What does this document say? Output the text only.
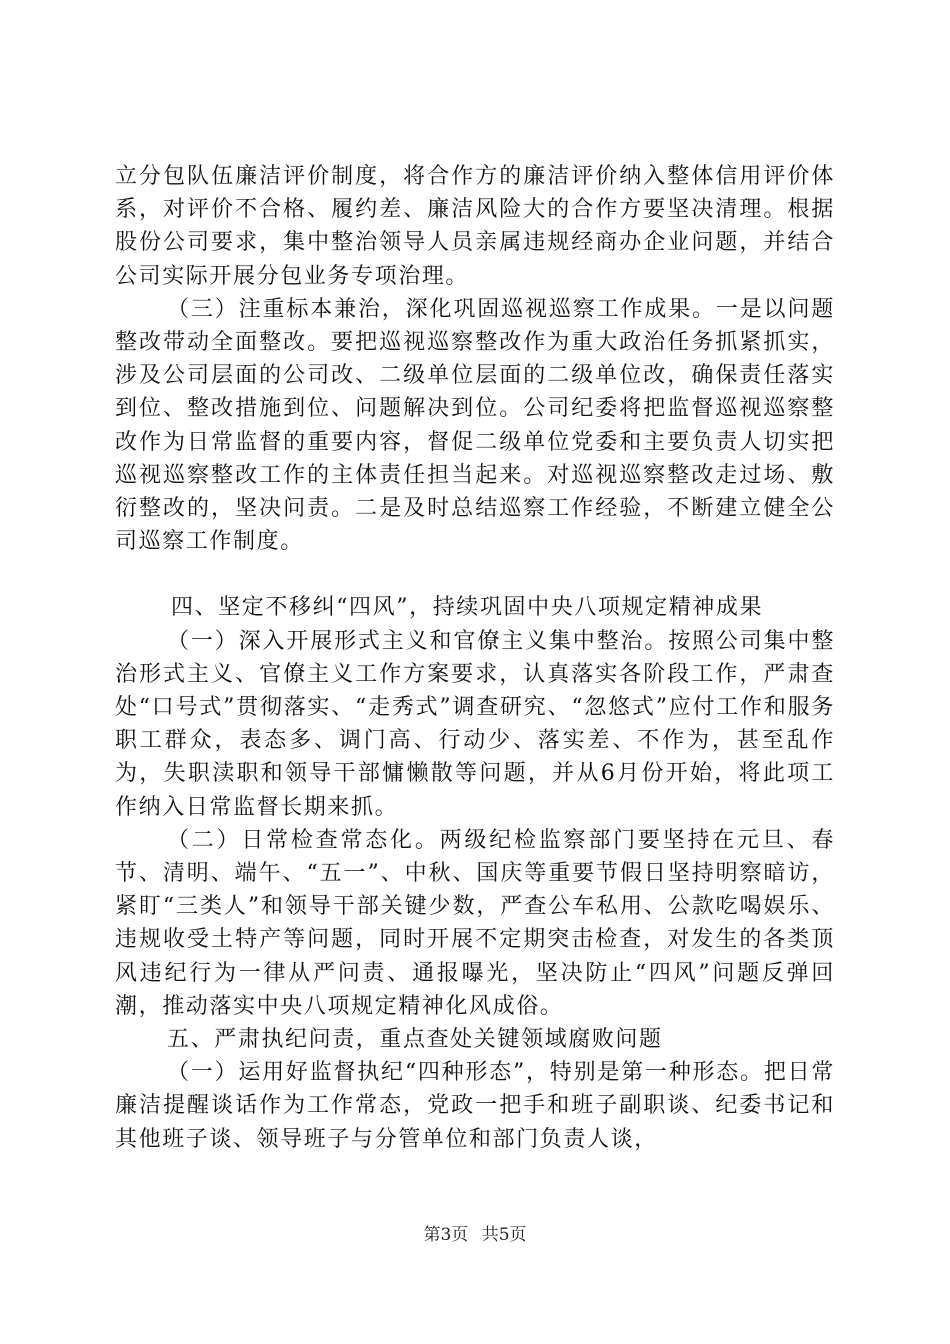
立分包队伍廉洁评价制度，将合作方的廉洁评价纳入整体信用评价体系，对评价不合格、履约差、廉洁风险大的合作方要坚决清理。根据股份公司要求，集中整治领导人员亲属违规经商办企业问题，并结合公司实际开展分包业务专项治理。

（三）注重标本兼治，深化巩固巡视巡察工作成果。一是以问题整改带动全面整改。要把巡视巡察整改作为重大政治任务抓紧抓实，涉及公司层面的公司改、二级单位层面的二级单位改，确保责任落实到位、整改措施到位、问题解决到位。公司纪委将把监督巡视巡察整改作为日常监督的重要内容，督促二级单位党委和主要负责人切实把巡视巡察整改工作的主体责任担当起来。对巡视巡察整改走过场、敷衍整改的，坚决问责。二是及时总结巡察工作经验，不断建立健全公司巡察工作制度。

四、坚定不移纠“四风”，持续巩固中央八项规定精神成果

（一）深入开展形式主义和官僚主义集中整治。按照公司集中整治形式主义、官僚主义工作方案要求，认真落实各阶段工作，严肃查处“口号式”贯彻落实、“走秀式”调查研究、“忽悠式”应付工作和服务职工群众，表态多、调门高、行动少、落实差、不作为，甚至乱作为，失职渎职和领导干部慵懒散等问题，并从6月份开始，将此项工作纳入日常监督长期来抓。

（二）日常检查常态化。两级纪检监察部门要坚持在元旦、春节、清明、端午、“五一”、中秋、国庆等重要节假日坚持明察暗访，紧盯“三类人”和领导干部关键少数，严查公车私用、公款吃喝娱乐、违规收受土特产等问题，同时开展不定期突击检查，对发生的各类顶风违纪行为一律从严问责、通报曝光，坚决防止“四风”问题反弹回潮，推动落实中央八项规定精神化风成俗。

五、严肃执纪问责，重点查处关键领域腐败问题

（一）运用好监督执纪“四种形态”，特别是第一种形态。把日常廉洁提醒谈话作为工作常态，党政一把手和班子副职谈、纪委书记和其他班子谈、领导班子与分管单位和部门负责人谈，

第3页 共5页
